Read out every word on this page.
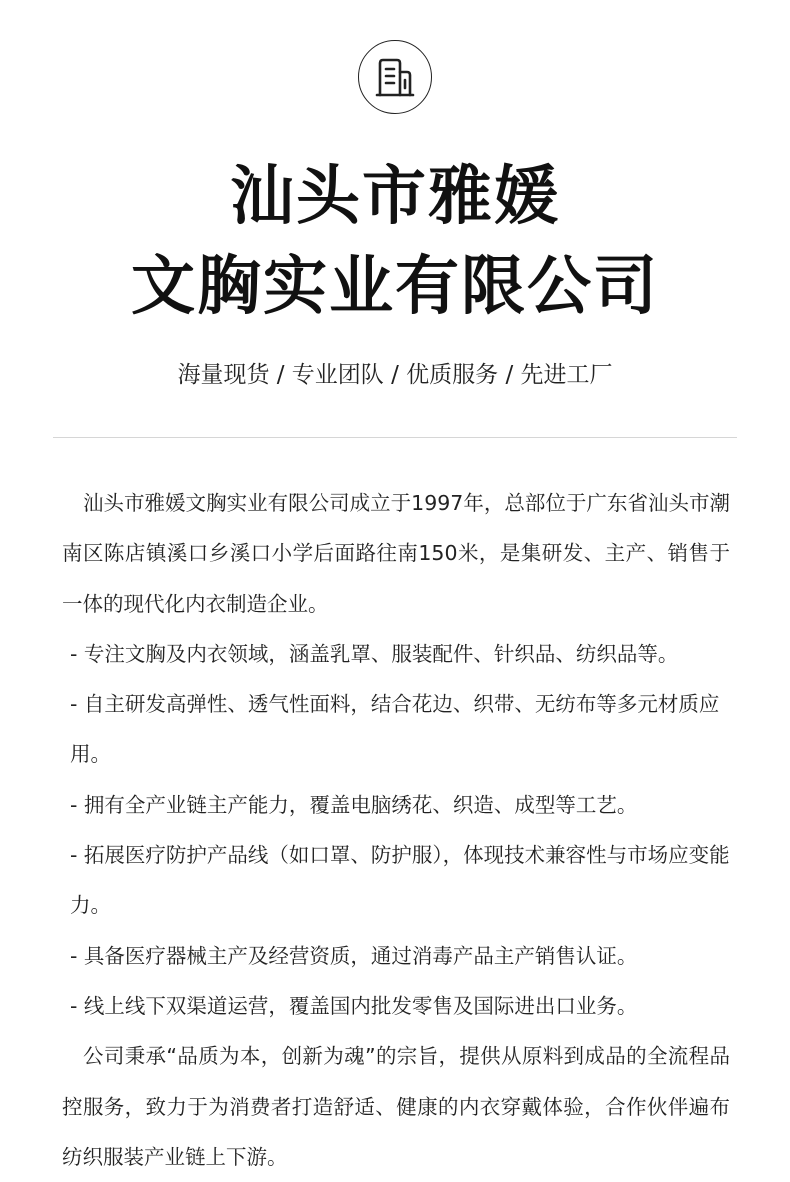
汕头市雅媛
文胸实业有限公司
海量现货 / 专业团队 / 优质服务 / 先进工厂

汕头市雅媛文胸实业有限公司成立于1997年，总部位于广东省汕头市潮南区陈店镇溪口乡溪口小学后面路往南150米，是集研发、主产、销售于一体的现代化内衣制造企业。

- 专注文胸及内衣领域，涵盖乳罩、服装配件、针织品、纺织品等。

- 自主研发高弹性、透气性面料，结合花边、织带、无纺布等多元材质应用。

- 拥有全产业链主产能力，覆盖电脑绣花、织造、成型等工艺。

- 拓展医疗防护产品线（如口罩、防护服），体现技术兼容性与市场应变能力。

- 具备医疗器械主产及经营资质，通过消毒产品主产销售认证。

- 线上线下双渠道运营，覆盖国内批发零售及国际进出口业务。

公司秉承“品质为本，创新为魂”的宗旨，提供从原料到成品的全流程品控服务，致力于为消费者打造舒适、健康的内衣穿戴体验，合作伙伴遍布纺织服装产业链上下游。
